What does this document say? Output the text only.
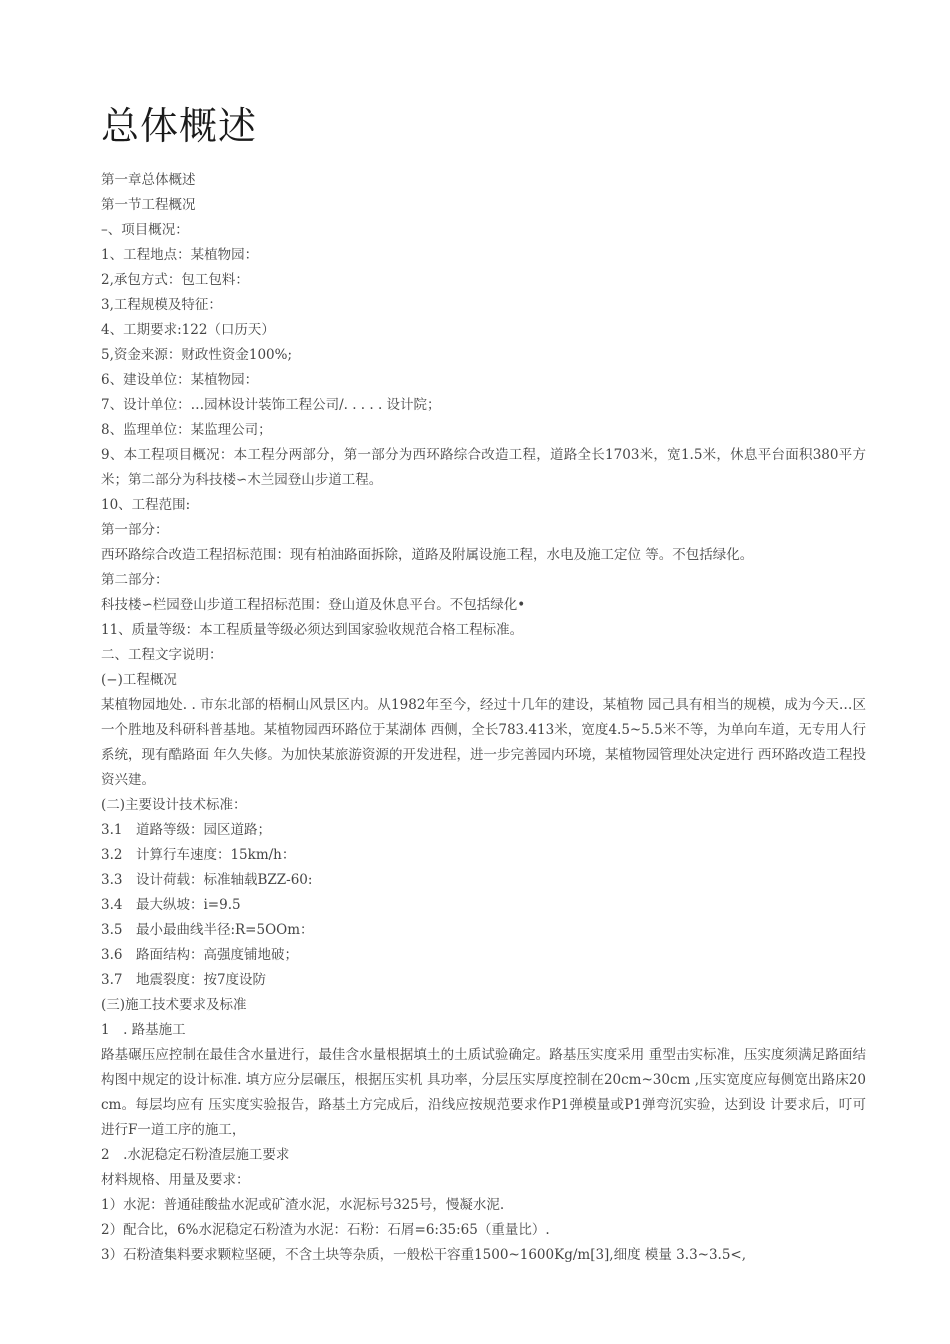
总体概述

第一章总体概述

第一节工程概况

–、项目概况：

1、工程地点：某植物园：

2,承包方式：包工包料：

3,工程规模及特征：

4、工期要求:122（口历天）

5,资金来源：财政性资金100%;

6、建设单位：某植物园：

7、设计单位：…园林设计装饰工程公司/. . . . . 设计院；

8、监理单位：某监理公司；

9、本工程项目概况：本工程分两部分，第一部分为西环路综合改造工程，道路全长1703米，宽1.5米，休息平台面积380平方米；第二部分为科技楼∽木兰园登山步道工程。

10、工程范围:

第一部分：

西环路综合改造工程招标范围：现有柏油路面拆除，道路及附属设施工程，水电及施工定位 等。不包括绿化。

第二部分：

科技楼∽栏园登山步道工程招标范围：登山道及休息平台。不包括绿化•

11、质量等级：本工程质量等级必须达到国家验收规范合格工程标准。

二、工程文字说明：

(−)工程概况

某植物园地处. . 市东北部的梧桐山风景区内。从1982年至今，经过十几年的建设，某植物 园己具有相当的规模，成为今天…区一个胜地及科研科普基地。某植物园西环路位于某湖体 西侧，全长783.413米，宽度4.5~5.5米不等，为单向车道，无专用人行系统，现有酷路面 年久失修。为加快某旅游资源的开发进程，进一步完善园内环境，某植物园管理处决定进行 西环路改造工程投资兴建。

(二)主要设计技术标准：

3.1　道路等级：园区道路；

3.2　计算行车速度：15km/h：

3.3　设计荷载：标准轴载BZZ-60:

3.4　最大纵坡：i=9.5

3.5　最小最曲线半径:R=5OOm：

3.6　路面结构：高强度铺地破；

3.7　地震裂度：按7度设防

(三)施工技术要求及标准

1　. 路基施工

路基碾压应控制在最佳含水量进行，最佳含水量根据填土的土质试验确定。路基压实度采用 重型击实标准，压实度须满足路面结构图中规定的设计标准. 填方应分层碾压，根据压实机 具功率，分层压实厚度控制在20cm~30cm ,压实宽度应每侧宽出路床20cm。每层均应有 压实度实验报告，路基土方完成后，沿线应按规范要求作P1弹模量或P1弹弯沉实验，达到设 计要求后，叮可进行F一道工序的施工，

2　.水泥稳定石粉渣层施工要求

材料规格、用量及要求：

1）水泥：普通硅酸盐水泥或矿渣水泥，水泥标号325号，慢凝水泥.

2）配合比，6%水泥稳定石粉渣为水泥：石粉：石屑=6:35:65（重量比）.

3）石粉渣集料要求颗粒坚硬，不含土块等杂质，一般松干容重1500~1600Kg/m[3],细度 模量 3.3~3.5<,
